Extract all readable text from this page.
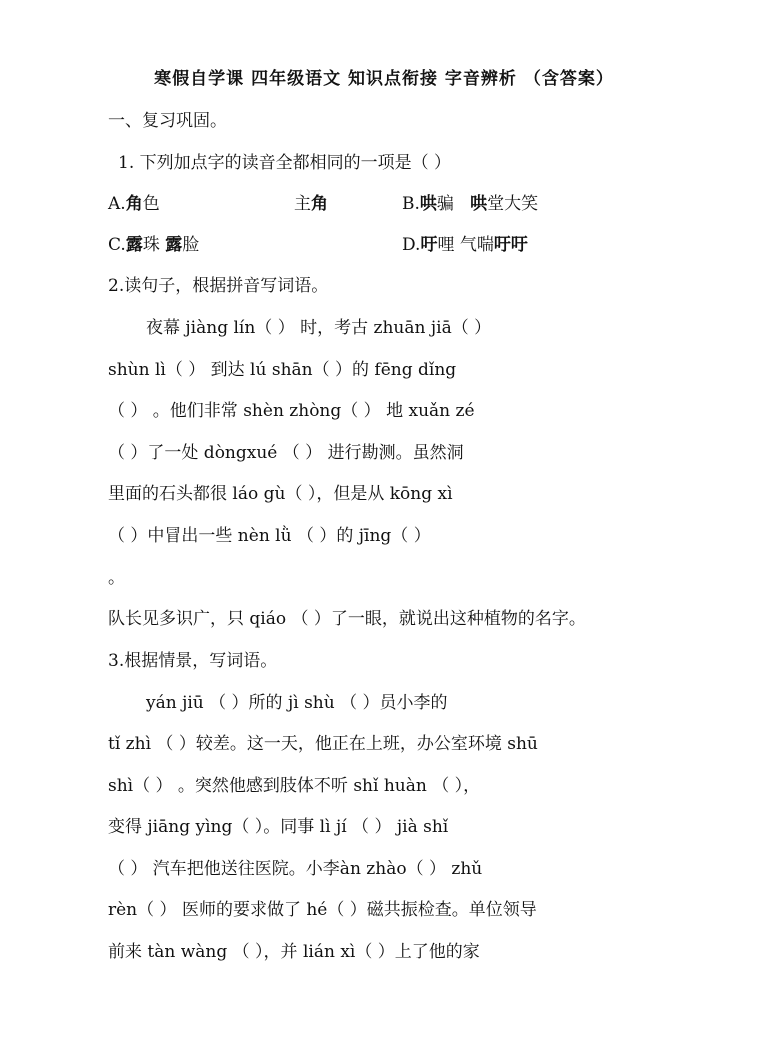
寒假自学课 四年级语文 知识点衔接 字音辨析 （含答案）
一、复习巩固。
1. 下列加点字的读音全都相同的一项是（ ）
A.角色	主角	B.哄骗 哄堂大笑
C.露珠 露脸	D.吁哩 气喘吁吁
2.读句子，根据拼音写词语。
夜幕 jiàng lín（ ） 时，考古 zhuān jiā（ ）
shùn lì（ ） 到达 lú shān（ ）的 fēng dǐng
（ ） 。他们非常 shèn zhòng（ ） 地 xuǎn zé
（ ）了一处 dòngxué （ ） 进行勘测。虽然洞
里面的石头都很 láo gù（ ），但是从 kōng xì
（ ）中冒出一些 nèn lǜ （ ）的 jīng（ ）
。
队长见多识广，只 qiáo （ ）了一眼，就说出这种植物的名字。
3.根据情景，写词语。
yán jiū （ ）所的 jì shù （ ）员小李的
tǐ zhì （ ）较差。这一天，他正在上班，办公室环境 shū
shì（ ） 。突然他感到肢体不听 shǐ huàn （ ），
变得 jiāng yìng（ ）。同事 lì jí （ ） jià shǐ
（ ） 汽车把他送往医院。小李àn zhào（ ） zhǔ
rèn（ ） 医师的要求做了 hé（ ）磁共振检查。单位领导
前来 tàn wàng （ ），并 lián xì（ ）上了他的家
